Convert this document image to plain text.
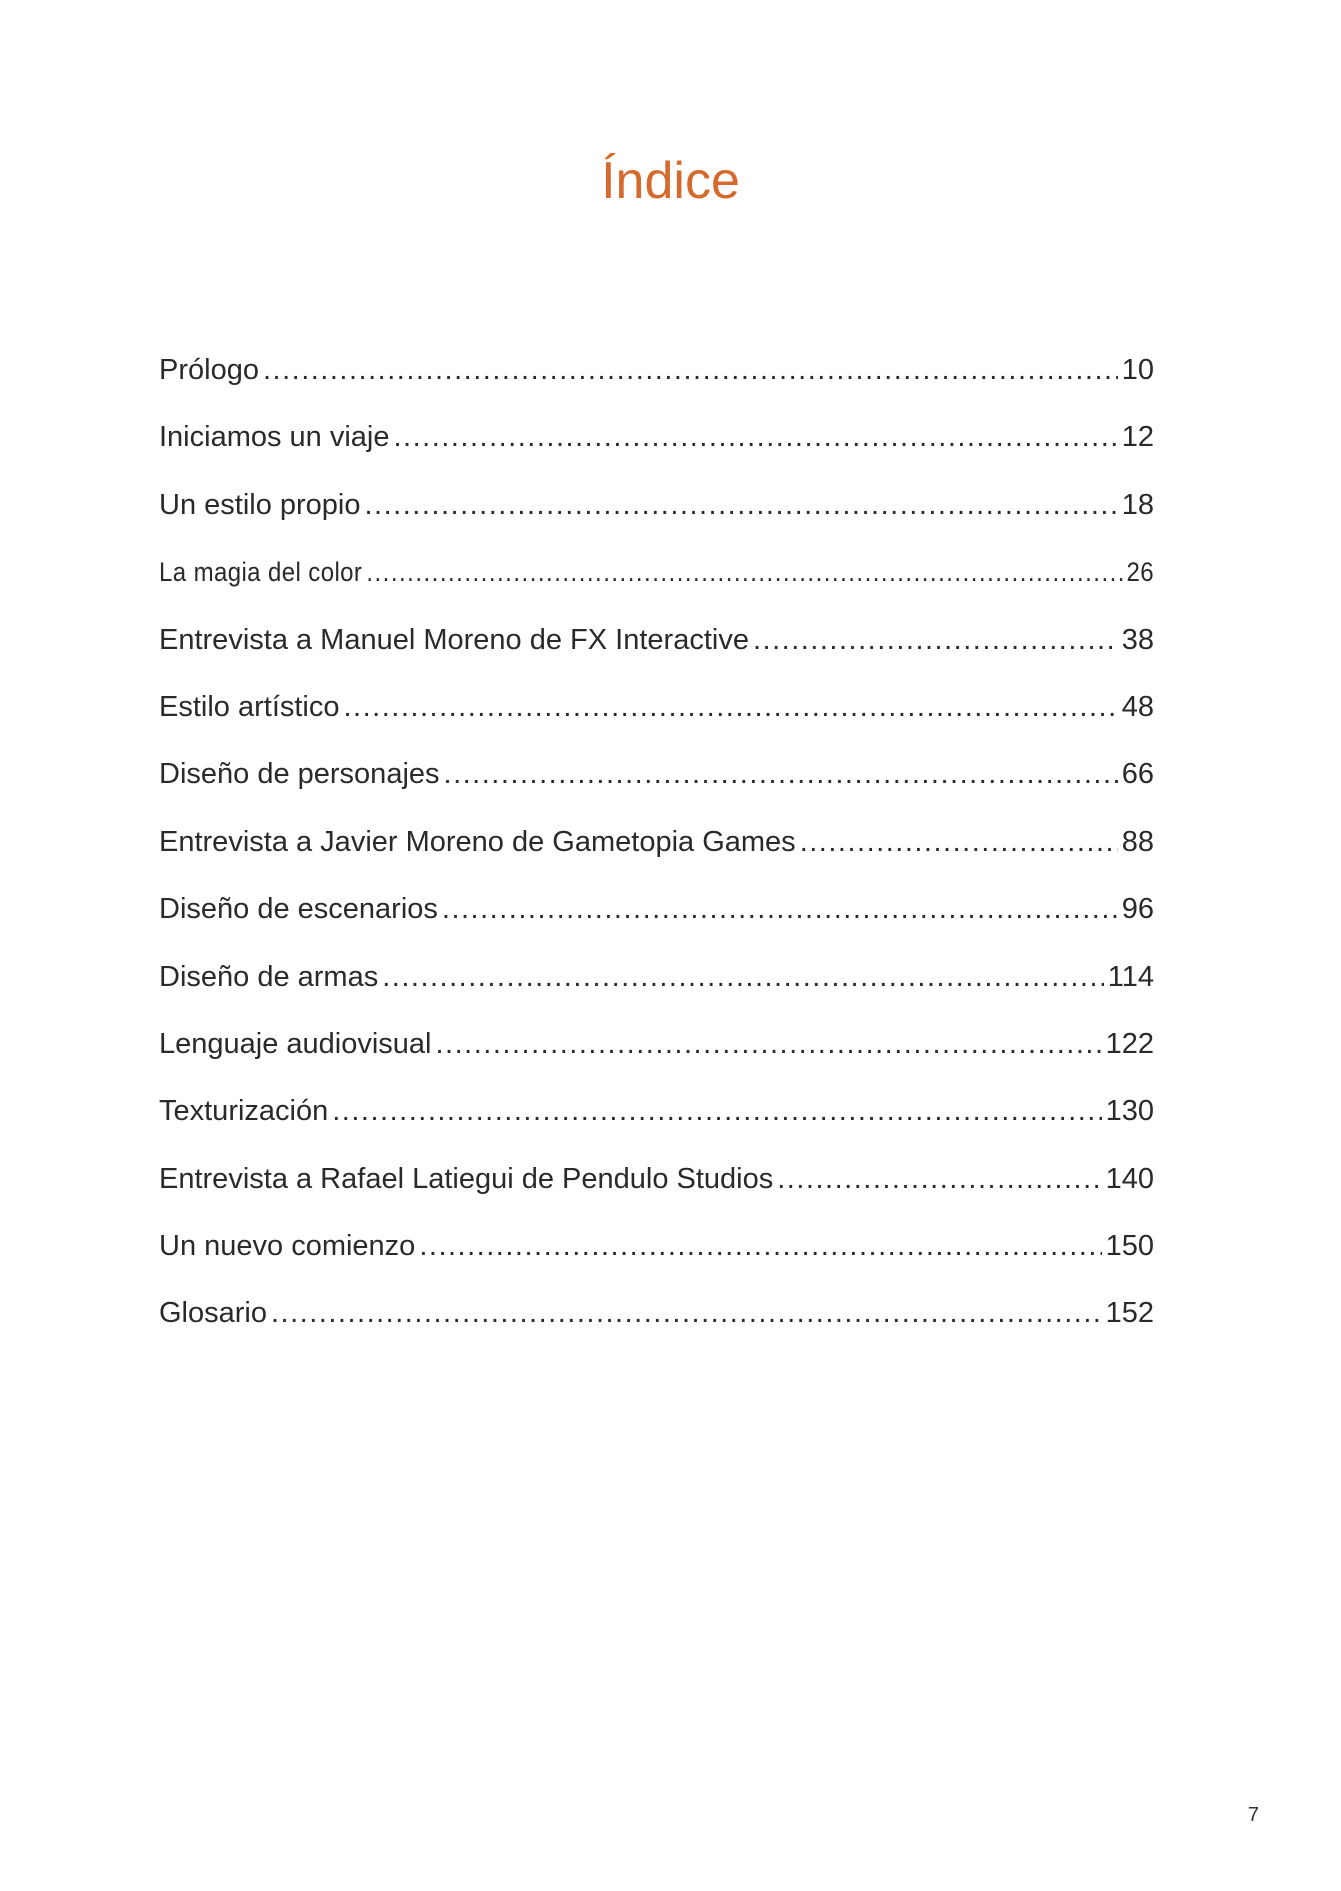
Índice
Prólogo .....	10
Iniciamos un viaje .....	12
Un estilo propio .....	18
La magia del color .....	26
Entrevista a Manuel Moreno de FX Interactive .....	38
Estilo artístico .....	48
Diseño de personajes .....	66
Entrevista a Javier Moreno de Gametopia Games .....	88
Diseño de escenarios .....	96
Diseño de armas .....	114
Lenguaje audiovisual .....	122
Texturización .....	130
Entrevista a Rafael Latiegui de Pendulo Studios .....	140
Un nuevo comienzo .....	150
Glosario .....	152
7
